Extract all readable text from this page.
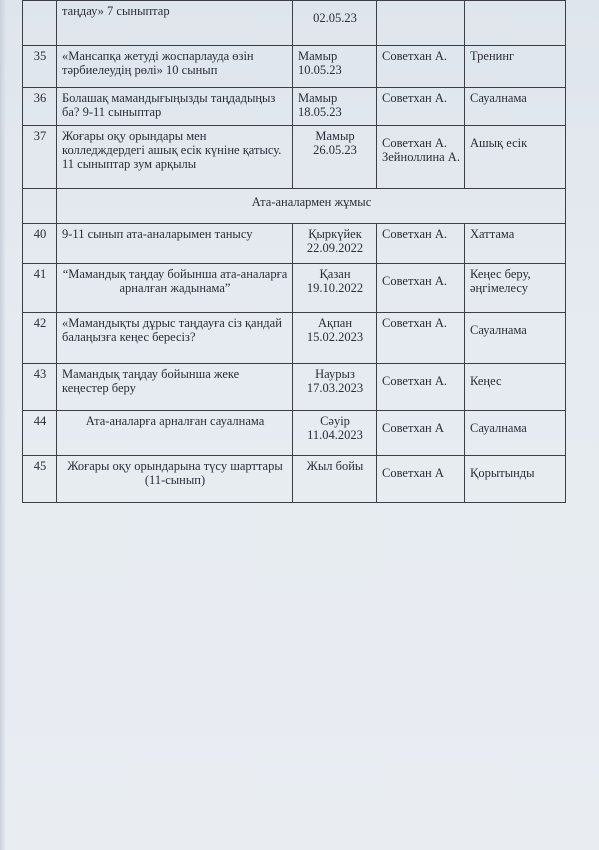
	таңдау» 7 сыныптар	02.05.23		
35	«Мансапқа жетуді жоспарлауда өзін тәрбиелеудің рөлі» 10 сынып	Мамыр 10.05.23	Советхан А.	Тренинг
36	Болашақ мамандығыңызды таңдадыңыз ба? 9-11 сыныптар	Мамыр 18.05.23	Советхан А.	Сауалнама
37	Жоғары оқу орындары мен колледждердегі ашық есік күніне қатысу. 11 сыныптар зум арқылы	Мамыр 26.05.23	Советхан А. Зейноллина А.	Ашық есік
	Ата-аналармен жұмыс			
40	9-11 сынып ата-аналарымен танысу	Қыркүйек 22.09.2022	Советхан А.	Хаттама
41	“Мамандық таңдау бойынша ата-аналарға арналған жадынама”	Қазан 19.10.2022	Советхан А.	Кеңес беру, әңгімелесу
42	«Мамандықты дұрыс таңдауға сіз қандай балаңызға кеңес бересіз?	Ақпан 15.02.2023	Советхан А.	Сауалнама
43	Мамандық таңдау бойынша жеке кеңестер беру	Наурыз 17.03.2023	Советхан А.	Кеңес
44	Ата-аналарға арналған сауалнама	Сәуір 11.04.2023	Советхан А	Сауалнама
45	Жоғары оқу орындарына түсу шарттары (11-сынып)	Жыл бойы	Советхан А	Қорытынды
